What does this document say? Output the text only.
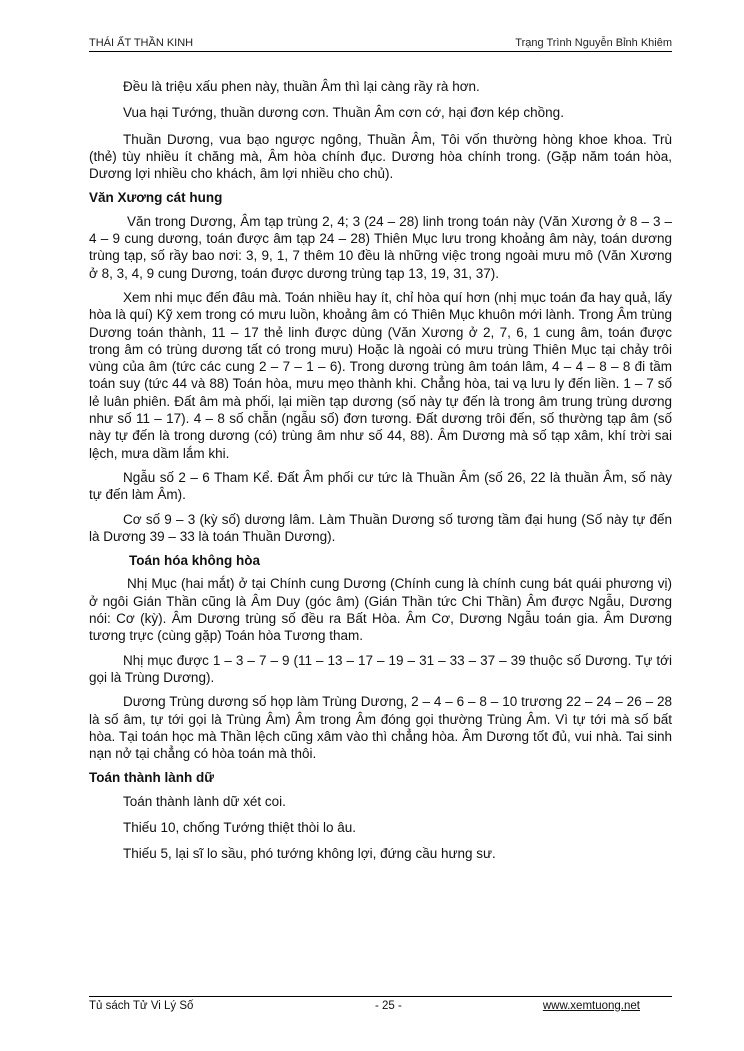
THÁI ẤT THẦN KINH	Trạng Trình Nguyễn Bỉnh Khiêm

Đều là triệu xấu phen này, thuần Âm thì lại càng rầy rà hơn.

Vua hại Tướng, thuần dương cơn. Thuần Âm cơn cớ, hại đơn kép chồng.

Thuần Dương, vua bạo ngược ngông, Thuần Âm, Tôi vốn thường hòng khoe khoa. Trù (thẻ) tùy nhiều ít chăng mà, Âm hòa chính đục. Dương hòa chính trong. (Gặp năm toán hòa, Dương lợi nhiều cho khách, âm lợi nhiều cho chủ).

Văn Xương cát hung

Văn trong Dương, Âm tạp trùng 2, 4; 3 (24 – 28) linh trong toán này (Văn Xương ở 8 – 3 – 4 – 9 cung dương, toán được âm tạp 24 – 28) Thiên Mục lưu trong khoảng âm này, toán dương trùng tạp, số rầy bao nơi: 3, 9, 1, 7 thêm 10 đều là những việc trong ngoài mưu mô (Văn Xương ở 8, 3, 4, 9 cung Dương, toán được dương trùng tạp 13, 19, 31, 37).

Xem nhi mục đến đâu mà. Toán nhiều hay ít, chỉ hòa quí hơn (nhị mục toán đa hay quả, lấy hòa là quí) Kỹ xem trong có mưu luồn, khoảng âm có Thiên Mục khuôn mới lành. Trong Âm trùng Dương toán thành, 11 – 17 thẻ linh được dùng (Văn Xương ở 2, 7, 6, 1 cung âm, toán được trong âm có trùng dương tất có trong mưu) Hoặc là ngoài có mưu trùng Thiên Mục tại chảy trôi vùng của âm (tức các cung 2 – 7 – 1 – 6). Trong dương trùng âm toán lâm, 4 – 4 – 8 – 8 đi tầm toán suy (tức 44 và 88) Toán hòa, mưu mẹo thành khi. Chẳng hòa, tai vạ lưu ly đến liền. 1 – 7 số lẻ luân phiên. Đất âm mà phối, lại miền tạp dương (số này tự đến là trong âm trung trùng dương như số 11 – 17). 4 – 8 số chẵn (ngẫu số) đơn tương. Đất dương trôi đến, số thường tạp âm (số này tự đến là trong dương (có) trùng âm như số 44, 88). Âm Dương mà số tạp xâm, khí trời sai lệch, mưa dầm lắm khi.

Ngẫu số 2 – 6 Tham Kể. Đất Âm phối cư tức là Thuần Âm (số 26, 22 là thuần Âm, số này tự đến làm Âm).

Cơ số 9 – 3 (kỳ số) dương lâm. Làm Thuần Dương số tương tầm đại hung (Số này tự đến là Dương 39 – 33 là toán Thuần Dương).

Toán hóa không hòa

Nhị Mục (hai mắt) ở tại Chính cung Dương (Chính cung là chính cung bát quái phương vị) ở ngôi Gián Thần cũng là Âm Duy (góc âm) (Gián Thần tức Chi Thần) Âm được Ngẫu, Dương nói: Cơ (kỳ). Âm Dương trùng số đều ra Bất Hòa. Âm Cơ, Dương Ngẫu toán gia. Âm Dương tương trực (cùng gặp) Toán hòa Tương tham.

Nhị mục được 1 – 3 – 7 – 9 (11 – 13 – 17 – 19 – 31 – 33 – 37 – 39 thuộc số Dương. Tự tới gọi là Trùng Dương).

Dương Trùng dương số họp làm Trùng Dương, 2 – 4 – 6 – 8 – 10 trương 22 – 24 – 26 – 28 là số âm, tự tới gọi là Trùng Âm) Âm trong Âm đóng gọi thường Trùng Âm. Vì tự tới mà số bất hòa. Tại toán học mà Thần lệch cũng xâm vào thì chẳng hòa. Âm Dương tốt đủ, vui nhà. Tai sinh nạn nở tại chẳng có hòa toán mà thôi.

Toán thành lành dữ

Toán thành lành dữ xét coi.

Thiếu 10, chống Tướng thiệt thòi lo âu.

Thiếu 5, lại sĩ lo sầu, phó tướng không lợi, đứng cầu hưng sư.

Tủ sách Tử Vi Lý Số	- 25 -	www.xemtuong.net
